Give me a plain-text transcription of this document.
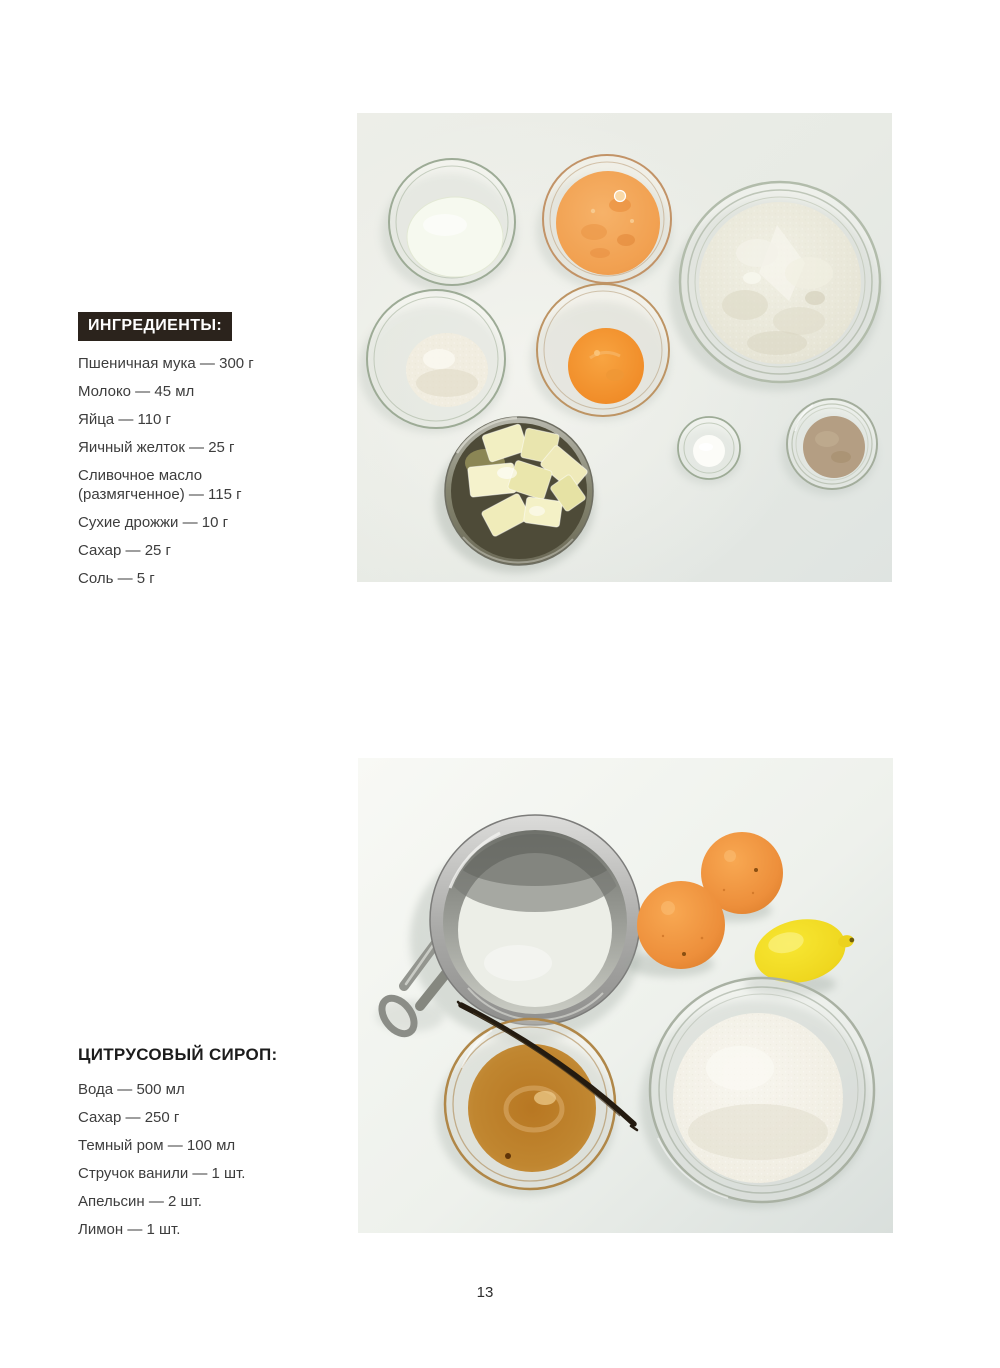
ИНГРЕДИЕНТЫ:
Пшеничная мука — 300 г
Молоко — 45 мл
Яйца — 110 г
Яичный желток — 25 г
Сливочное масло (размягченное) — 115 г
Сухие дрожжи — 10 г
Сахар — 25 г
Соль — 5 г
ЦИТРУСОВЫЙ СИРОП:
Вода — 500 мл
Сахар — 250 г
Темный ром — 100 мл
Стручок ванили — 1 шт.
Апельсин — 2 шт.
Лимон — 1 шт.
13
